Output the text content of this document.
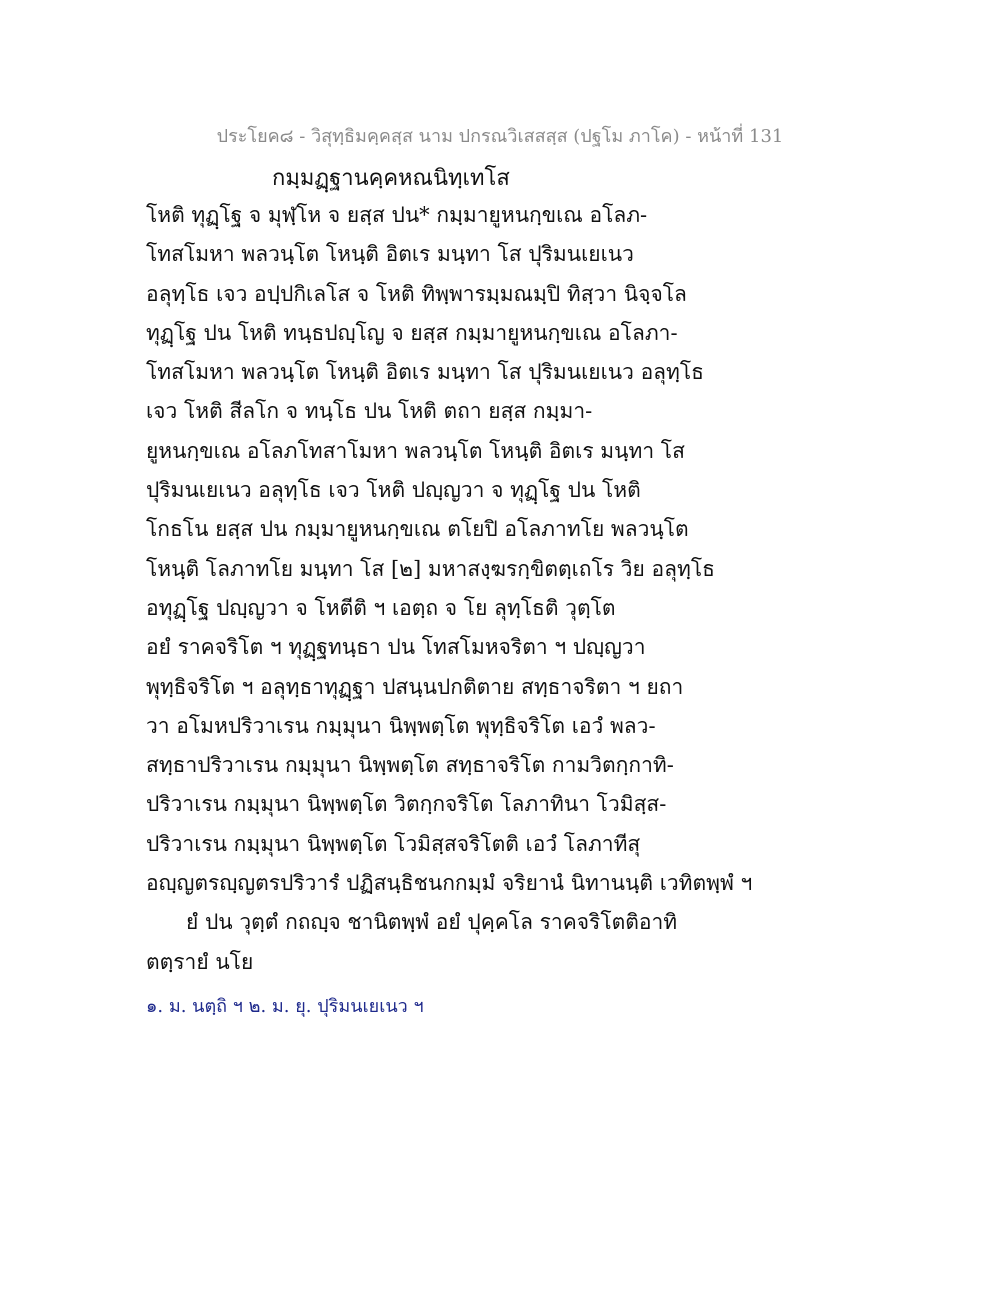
ประโยค๘ - วิสุทฺธิมคฺคสฺส นาม ปกรณวิเสสสฺส (ปฐโม ภาโค) - หน้าที่ 131
กมฺมฏฺฐานคฺคหณนิทฺเทโส
โหติ ทุฏฺโฐ จ มุฬฺโห จ ยสฺส ปน* กมฺมายูหนกฺขเณ อโลภ-
โทสโมหา พลวนฺโต โหนฺติ อิตเร มนฺทา โส ปุริมนเยเนว
อลุทฺโธ เจว อปฺปกิเลโส จ โหติ ทิพฺพารมฺมณมฺปิ ทิสฺวา นิจฺจโล
ทุฏฺโฐ ปน โหติ ทนฺธปญฺโญ จ ยสฺส กมฺมายูหนกฺขเณ อโลภา-
โทสโมหา พลวนฺโต โหนฺติ อิตเร มนฺทา โส ปุริมนเยเนว อลุทฺโธ
เจว โหติ สีลโก จ ทนฺโธ ปน โหติ ตถา ยสฺส กมฺมา-
ยูหนกฺขเณ อโลภโทสาโมหา พลวนฺโต โหนฺติ อิตเร มนฺทา โส
ปุริมนเยเนว อลุทฺโธ เจว โหติ ปญฺญวา จ ทุฏฺโฐ ปน โหติ
โกธโน ยสฺส ปน กมฺมายูหนกฺขเณ ตโยปิ อโลภาทโย พลวนฺโต
โหนฺติ โลภาทโย มนฺทา โส [๒] มหาสงฺฆรกฺขิตตฺเถโร วิย อลุทฺโธ
อทุฏฺโฐ ปญฺญวา จ โหตีติ ฯ เอตฺถ จ โย ลุทฺโธติ วุตฺโต
อยํ ราคจริโต ฯ ทุฏฺฐทนฺธา ปน โทสโมหจริตา ฯ ปญฺญวา
พุทฺธิจริโต ฯ อลุทฺธาทุฏฺฐา ปสนฺนปกติตาย สทฺธาจริตา ฯ ยถา
วา อโมหปริวาเรน กมฺมุนา นิพฺพตฺโต พุทฺธิจริโต เอวํ พลว-
สทฺธาปริวาเรน กมฺมุนา นิพฺพตฺโต สทฺธาจริโต กามวิตกฺกาทิ-
ปริวาเรน กมฺมุนา นิพฺพตฺโต วิตกฺกจริโต โลภาทินา โวมิสฺส-
ปริวาเรน กมฺมุนา นิพฺพตฺโต โวมิสฺสจริโตติ เอวํ โลภาทีสุ
อญฺญตรญฺญตรปริวารํ ปฏิสนฺธิชนกกมฺมํ จริยานํ นิทานนฺติ เวทิตพฺพํ ฯ
ยํ ปน วุตฺตํ กถญฺจ ชานิตพฺพํ อยํ ปุคฺคโล ราคจริโตติอาทิ
ตตฺรายํ นโย
๑. ม. นตฺถิ ฯ ๒. ม. ยุ. ปุริมนเยเนว ฯ
